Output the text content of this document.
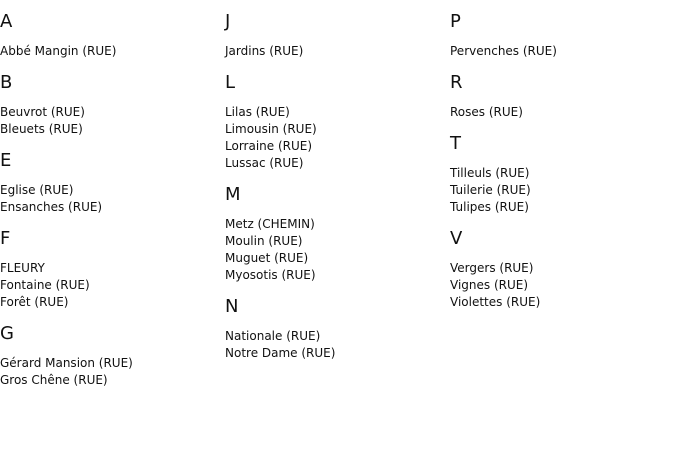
A
Abbé Mangin (RUE)
B
Beuvrot (RUE)
Bleuets (RUE)
E
Eglise (RUE)
Ensanches (RUE)
F
FLEURY
Fontaine (RUE)
Forêt (RUE)
G
Gérard Mansion (RUE)
Gros Chêne (RUE)
J
Jardins (RUE)
L
Lilas (RUE)
Limousin (RUE)
Lorraine (RUE)
Lussac (RUE)
M
Metz (CHEMIN)
Moulin (RUE)
Muguet (RUE)
Myosotis (RUE)
N
Nationale (RUE)
Notre Dame (RUE)
P
Pervenches (RUE)
R
Roses (RUE)
T
Tilleuls (RUE)
Tuilerie (RUE)
Tulipes (RUE)
V
Vergers (RUE)
Vignes (RUE)
Violettes (RUE)
